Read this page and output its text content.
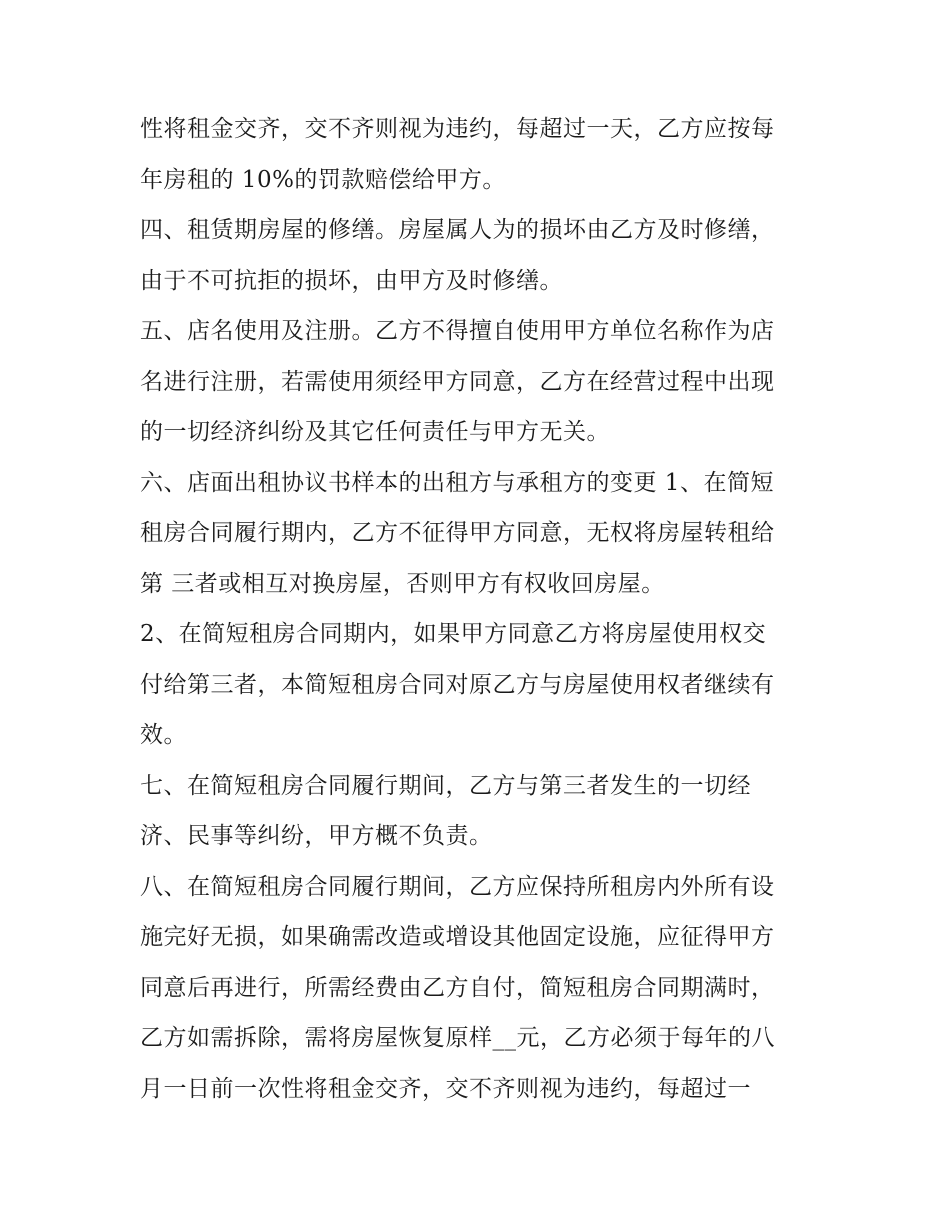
性将租金交齐，交不齐则视为违约，每超过一天，乙方应按每
年房租的 10%的罚款赔偿给甲方。
四、租赁期房屋的修缮。房屋属人为的损坏由乙方及时修缮，
由于不可抗拒的损坏，由甲方及时修缮。
五、店名使用及注册。乙方不得擅自使用甲方单位名称作为店
名进行注册，若需使用须经甲方同意，乙方在经营过程中出现
的一切经济纠纷及其它任何责任与甲方无关。
六、店面出租协议书样本的出租方与承租方的变更 1、在简短
租房合同履行期内，乙方不征得甲方同意，无权将房屋转租给
第 三者或相互对换房屋，否则甲方有权收回房屋。
2、在简短租房合同期内，如果甲方同意乙方将房屋使用权交
付给第三者，本简短租房合同对原乙方与房屋使用权者继续有
效。
七、在简短租房合同履行期间，乙方与第三者发生的一切经
济、民事等纠纷，甲方概不负责。
八、在简短租房合同履行期间，乙方应保持所租房内外所有设
施完好无损，如果确需改造或增设其他固定设施，应征得甲方
同意后再进行，所需经费由乙方自付，简短租房合同期满时，
乙方如需拆除，需将房屋恢复原样__元，乙方必须于每年的八
月一日前一次性将租金交齐，交不齐则视为违约，每超过一
